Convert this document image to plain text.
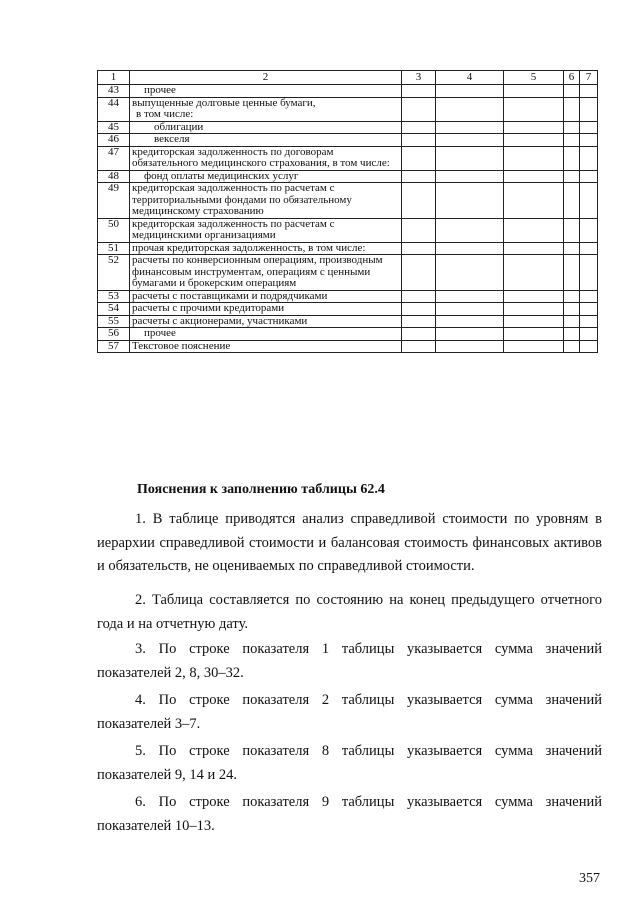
1	2	3	4	5	6	7
43	прочее					
44	выпущенные долговые ценные бумаги,
в том числе:					

45	облигации					
46	векселя					
47	кредиторская задолженность по договорам обязательного медицинского страхования, в том числе:					
48	фонд оплаты медицинских услуг					
49	кредиторская задолженность по расчетам с территориальными фондами по обязательному медицинскому страхованию					
50	кредиторская задолженность по расчетам с медицинскими организациями					
51	прочая кредиторская задолженность, в том числе:					
52	расчеты по конверсионным операциям, производным финансовым инструментам, операциям с ценными бумагами и брокерским операциям					
53	расчеты с поставщиками и подрядчиками					
54	расчеты с прочими кредиторами					
55	расчеты с акционерами, участниками					
56	прочее					
57	Текстовое пояснение					
Пояснения к заполнению таблицы 62.4

1. В таблице приводятся анализ справедливой стоимости по уровням в иерархии справедливой стоимости и балансовая стоимость финансовых активов и обязательств, не оцениваемых по справедливой стоимости.

2. Таблица составляется по состоянию на конец предыдущего отчетного года и на отчетную дату.

3. По строке показателя 1 таблицы указывается сумма значений показателей 2, 8, 30–32.

4. По строке показателя 2 таблицы указывается сумма значений показателей 3–7.

5. По строке показателя 8 таблицы указывается сумма значений показателей 9, 14 и 24.

6. По строке показателя 9 таблицы указывается сумма значений показателей 10–13.

357
